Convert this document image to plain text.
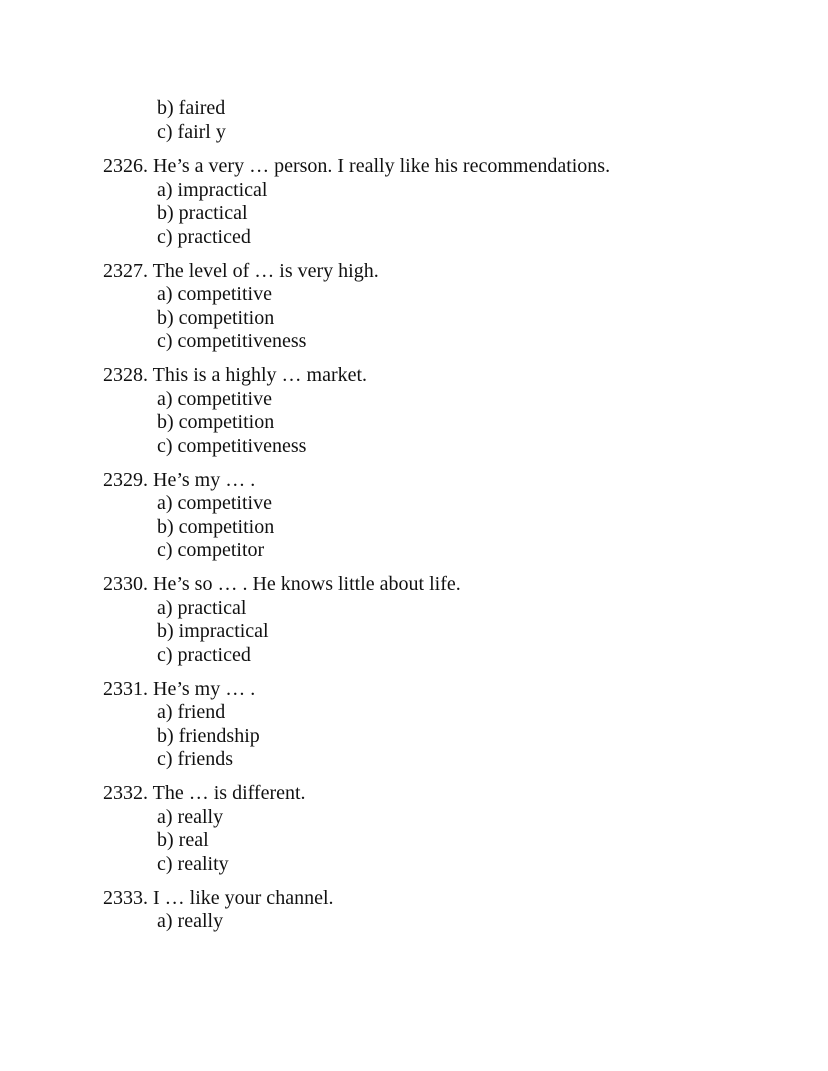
b) faired
c) fairl y
2326. He’s a very … person. I really like his recommendations.
a) impractical
b) practical
c) practiced
2327. The level of … is very high.
a) competitive
b) competition
c) competitiveness
2328. This is a highly … market.
a) competitive
b) competition
c) competitiveness
2329. He’s my … .
a) competitive
b) competition
c) competitor
2330. He’s so … . He knows little about life.
a) practical
b) impractical
c) practiced
2331. He’s my … .
a) friend
b) friendship
c) friends
2332. The … is different.
a) really
b) real
c) reality
2333. I … like your channel.
a) really
